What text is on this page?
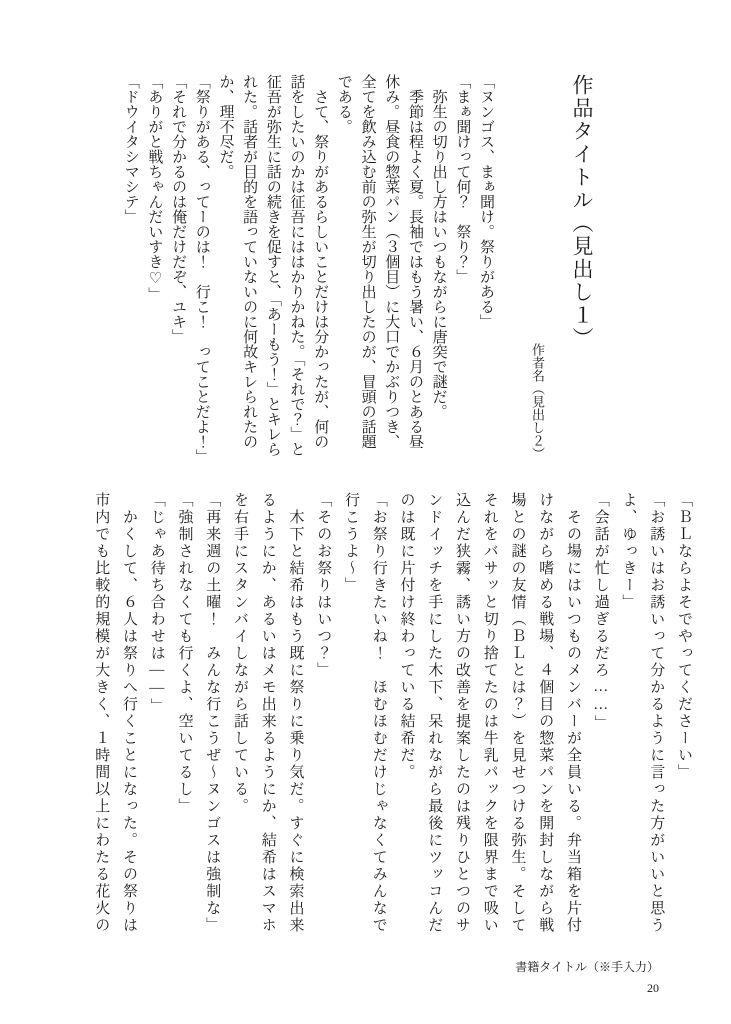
作品タイトル（見出し１）
作者名（見出し２）

「ヌンゴス、まぁ聞け。祭りがある」

「まぁ聞けって何？　祭り？」

　弥生の切り出し方はいつもながらに唐突で謎だ。

　季節は程よく夏。長袖ではもう暑い、６月のとある昼休み。昼食の惣菜パン（３個目）に大口でかぶりつき、全てを飲み込む前の弥生が切り出したのが、冒頭の話題である。

　さて、祭りがあるらしいことだけは分かったが、何の話をしたいのかは征吾にははかりかねた。「それで？」と征吾が弥生に話の続きを促すと、「あーもう！」とキレられた。話者が目的を語っていないのに何故キレられたのか、理不尽だ。

「祭りがある、ってーのは！　行こ！　ってことだよ！」

「それで分かるのは俺だけだぞ、ユキ」

「ありがと戦ちゃんだいすき♡」

「ドウイタシマシテ」

「ＢＬならよそでやってくださーい」

「お誘いはお誘いって分かるように言った方がいいと思うよ、ゆっきー」

「会話が忙し過ぎるだろ……」

　その場にはいつものメンバーが全員いる。弁当箱を片付けながら嗜める戦場、４個目の惣菜パンを開封しながら戦場との謎の友情（ＢＬとは？）を見せつける弥生。そしてそれをバサッと切り捨てたのは牛乳パックを限界まで吸い込んだ狭霧、誘い方の改善を提案したのは残りひとつのサンドイッチを手にした木下、呆れながら最後にツッコんだのは既に片付け終わっている結希だ。

「お祭り行きたいね！　ほむほむだけじゃなくてみんなで行こうよ〜」

「そのお祭りはいつ？」

　木下と結希はもう既に祭りに乗り気だ。すぐに検索出来るようにか、あるいはメモ出来るようにか、結希はスマホを右手にスタンバイしながら話している。

「再来週の土曜！　みんな行こうぜ〜ヌンゴスは強制な」

「強制されなくても行くよ、空いてるし」

「じゃあ待ち合わせは――」

　かくして、６人は祭りへ行くことになった。その祭りは市内でも比較的規模が大きく、１時間以上にわたる花火の

書籍タイトル（※手入力）
20
